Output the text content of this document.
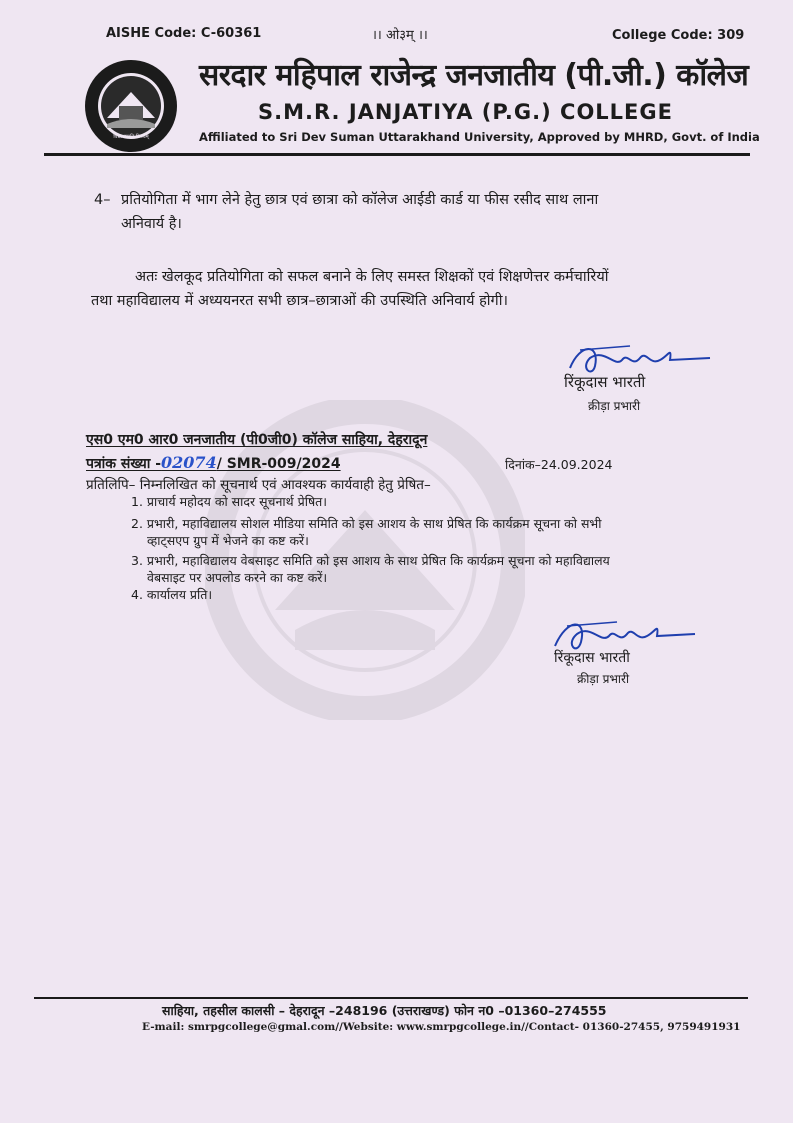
AISHE Code: C-60361	।। ओ३म् ।।	College Code: 309
विद्या ददाति विनयम्
सरदार महिपाल राजेन्द्र जनजातीय (पी.जी.) कॉलेज
S.M.R. JANJATIYA (P.G.) COLLEGE
Affiliated to Sri Dev Suman Uttarakhand University, Approved by MHRD, Govt. of India
4– प्रतियोगिता में भाग लेने हेतु छात्र एवं छात्रा को कॉलेज आईडी कार्ड या फीस रसीद साथ लाना
अनिवार्य है।
अतः खेलकूद प्रतियोगिता को सफल बनाने के लिए समस्त शिक्षकों एवं शिक्षणेत्तर कर्मचारियों
तथा महाविद्यालय में अध्ययनरत सभी छात्र–छात्राओं की उपस्थिति अनिवार्य होगी।
रिंकूदास भारती
क्रीड़ा प्रभारी
एस0 एम0 आर0 जनजातीय (पी0जी0) कॉलेज साहिया, देहरादून
पत्रांक संख्या -02074/ SMR-009/2024	दिनांक–24.09.2024
प्रतिलिपि– निम्नलिखित को सूचनार्थ एवं आवश्यक कार्यवाही हेतु प्रेषित–
1. प्राचार्य महोदय को सादर सूचनार्थ प्रेषित।
2. प्रभारी, महाविद्यालय सोशल मीडिया समिति को इस आशय के साथ प्रेषित कि कार्यक्रम सूचना को सभी
व्हाट्सएप ग्रुप में भेजने का कष्ट करें।
3. प्रभारी, महाविद्यालय वेबसाइट समिति को इस आशय के साथ प्रेषित कि कार्यक्रम सूचना को महाविद्यालय
वेबसाइट पर अपलोड करने का कष्ट करें।
4. कार्यालय प्रति।
रिंकूदास भारती
क्रीड़ा प्रभारी
साहिया, तहसील कालसी – देहरादून –248196 (उत्तराखण्ड) फोन न0 –01360–274555
E-mail: smrpgcollege@gmal.com//Website: www.smrpgcollege.in//Contact- 01360-27455, 9759491931
